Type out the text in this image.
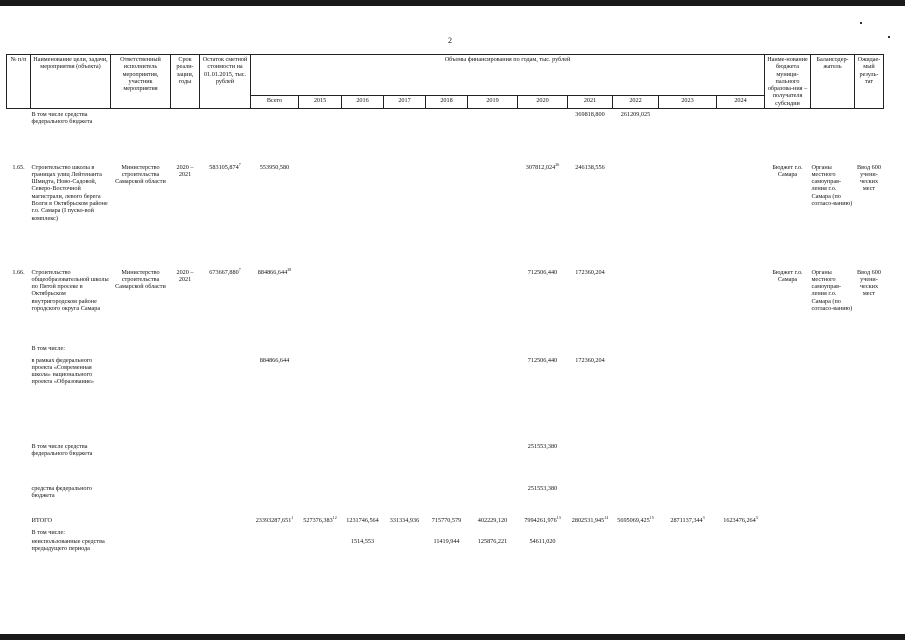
2
№ п/п	Наименование цели, задачи, мероприятия (объекта)	Ответственный исполнитель мероприятия, участник мероприятия	Срок реали-зации, годы	Остаток сметной стоимости на 01.01.2015, тыс. рублей	Объемы финансирования по годам, тыс. рублей											Наиме-нование бюджета муници-пального образова-ния – получателя субсидии	Балансодер-жатель	Ожидае-мый резуль-тат
					Всего	2015	2016	2017	2018	2019	2020	2021	2022	2023	2024			
	В том числе средства федерального бюджета											369818,800	261209,025					
1.65.	Строительство школы в границах улиц Лейтенанта Шмидта, Ново-Садовой, Северо-Восточной магистрали, левого берега Волги в Октябрьском районе г.о. Самара (I пуско-вой комплекс)	Министерство строительства Самарской области	2020 – 2021	583105,874$^7$	553950,580						307812,024$^{26}$	246138,556				Бюджет г.о. Самара	Органы местного самоуправ-ления г.о. Самара (по согласо-ванию)	Ввод 600 учени-ческих мест
1.66.	Строительство общеобразовательной школы по Пятой просеке в Октябрьском внутригородском районе городского округа Самара	Министерство строительства Самарской области	2020 – 2021	673667,880$^7$	884866,644$^{28}$						712506,440	172360,204				Бюджет г.о. Самара	Органы местного самоуправ-ления г.о. Самара (по согласо-ванию)	Ввод 600 учени-ческих мест
	В том числе:																	
	в рамках федерального проекта «Современная школа» национального проекта «Образование»				884866,644						712506,440	172360,204						
	В том числе средства федерального бюджета										251553,380							
	средства федерального бюджета										251553,380							
	ИТОГО				23393287,651$^1$	527376,383$^{12}$	1231746,564	331334,936	715770,579	402229,120	7994261,976$^{13}$	2802531,945$^{14}$	5695069,425$^{15}$	2871137,344$^3$	1623476,264$^3$			
	В том числе:																	
	неиспользованные средства предыдущего периода						1514,553		11419,944	125876,221	54611,020							
